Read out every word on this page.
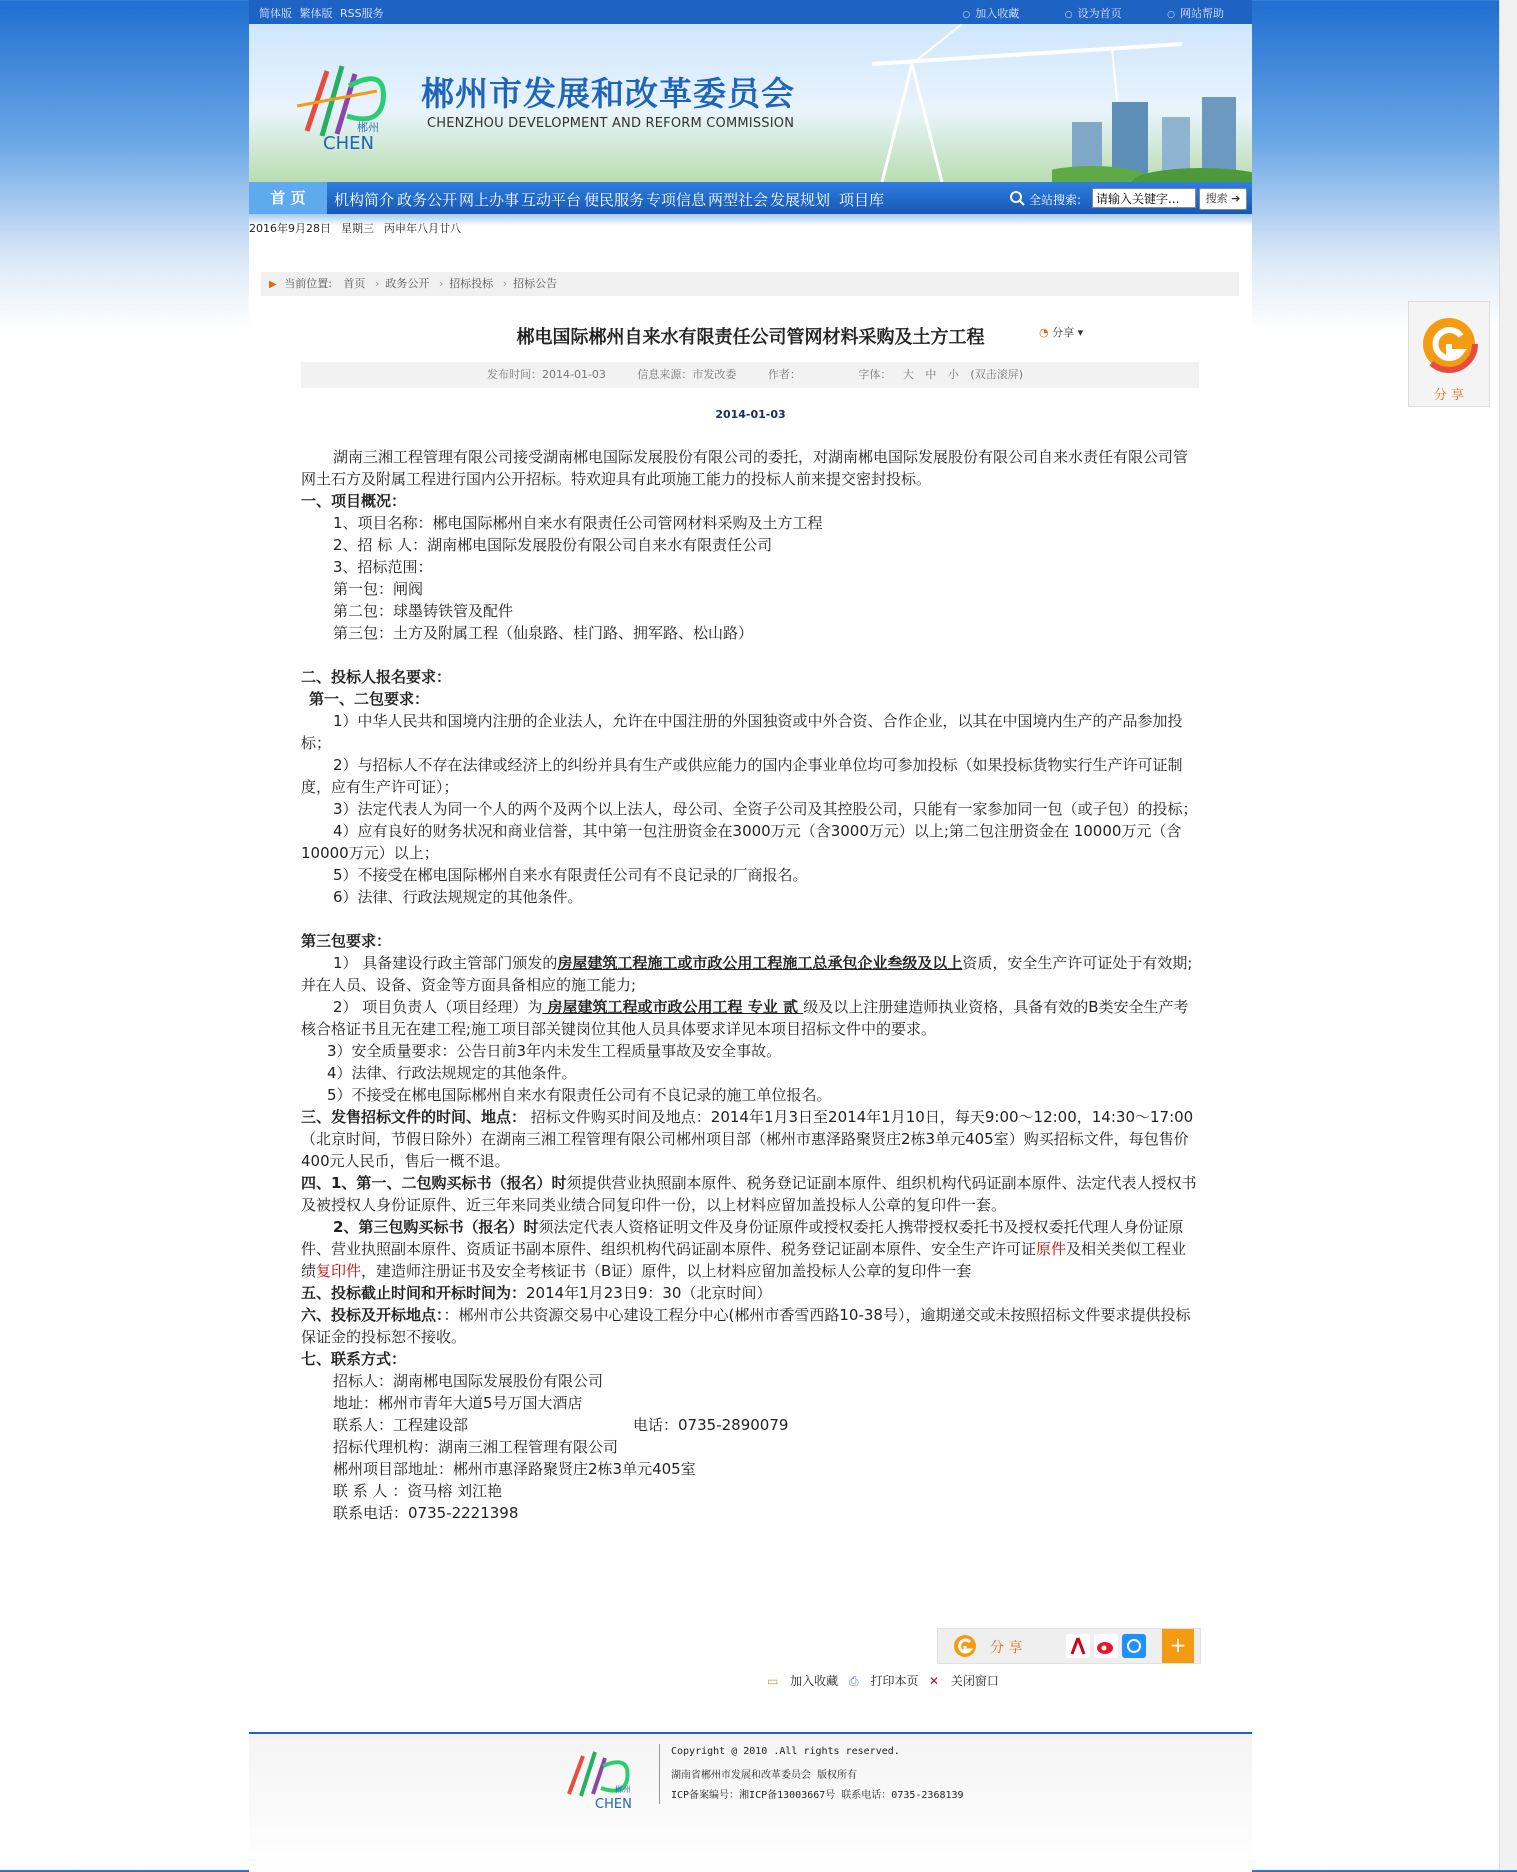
分 享
简体版 繁体版 RSS服务	○ 加入收藏	○ 设为首页	○ 网站帮助
郴州
CHEN
郴州市发展和改革委员会
CHENZHOU DEVELOPMENT AND REFORM COMMISSION
首 页	机构简介 政务公开 网上办事 互动平台 便民服务 专项信息 两型社会 发展规划 项目库	全站搜索:
请输入关键字...	搜索 ➔
2016年9月28日 星期三 丙申年八月廿八
▶ 当前位置: 首页 › 政务公开 › 招标投标 › 招标公告
郴电国际郴州自来水有限责任公司管网材料采购及土方工程	◔ 分享 ▾
发布时间：2014-01-03	信息来源：市发改委	作者：	字体： 大 中 小 (双击滚屏)
2014-01-03

湖南三湘工程管理有限公司接受湖南郴电国际发展股份有限公司的委托，对湖南郴电国际发展股份有限公司自来水责任有限公司管网土石方及附属工程进行国内公开招标。特欢迎具有此项施工能力的投标人前来提交密封投标。

一、项目概况：

1、项目名称：郴电国际郴州自来水有限责任公司管网材料采购及土方工程

2、招 标 人：湖南郴电国际发展股份有限公司自来水有限责任公司

3、招标范围：

第一包：闸阀

第二包：球墨铸铁管及配件

第三包：土方及附属工程（仙泉路、桂门路、拥军路、松山路）

二、投标人报名要求：

第一、二包要求：

1）中华人民共和国境内注册的企业法人，允许在中国注册的外国独资或中外合资、合作企业，以其在中国境内生产的产品参加投标；

2）与招标人不存在法律或经济上的纠纷并具有生产或供应能力的国内企事业单位均可参加投标（如果投标货物实行生产许可证制度，应有生产许可证）；

3）法定代表人为同一个人的两个及两个以上法人，母公司、全资子公司及其控股公司，只能有一家参加同一包（或子包）的投标；

4）应有良好的财务状况和商业信誉，其中第一包注册资金在3000万元（含3000万元）以上;第二包注册资金在 10000万元（含10000万元）以上；

5）不接受在郴电国际郴州自来水有限责任公司有不良记录的厂商报名。

6）法律、行政法规规定的其他条件。

第三包要求：

1） 具备建设行政主管部门颁发的房屋建筑工程施工或市政公用工程施工总承包企业叁级及以上资质，安全生产许可证处于有效期;并在人员、设备、资金等方面具备相应的施工能力;

2） 项目负责人（项目经理）为 房屋建筑工程或市政公用工程 专业 贰 级及以上注册建造师执业资格，具备有效的B类安全生产考核合格证书且无在建工程;施工项目部关键岗位其他人员具体要求详见本项目招标文件中的要求。

3）安全质量要求：公告日前3年内未发生工程质量事故及安全事故。

4）法律、行政法规规定的其他条件。

5）不接受在郴电国际郴州自来水有限责任公司有不良记录的施工单位报名。

三、发售招标文件的时间、地点： 招标文件购买时间及地点：2014年1月3日至2014年1月10日，每天9:00～12:00，14:30～17:00（北京时间，节假日除外）在湖南三湘工程管理有限公司郴州项目部（郴州市惠泽路聚贤庄2栋3单元405室）购买招标文件，每包售价400元人民币，售后一概不退。

四、1、第一、二包购买标书（报名）时须提供营业执照副本原件、税务登记证副本原件、组织机构代码证副本原件、法定代表人授权书及被授权人身份证原件、近三年来同类业绩合同复印件一份，以上材料应留加盖投标人公章的复印件一套。

2、第三包购买标书（报名）时须法定代表人资格证明文件及身份证原件或授权委托人携带授权委托书及授权委托代理人身份证原件、营业执照副本原件、资质证书副本原件、组织机构代码证副本原件、税务登记证副本原件、安全生产许可证原件及相关类似工程业绩复印件，建造师注册证书及安全考核证书（B证）原件，以上材料应留加盖投标人公章的复印件一套

五、投标截止时间和开标时间为：2014年1月23日9：30（北京时间）

六、投标及开标地点：：郴州市公共资源交易中心建设工程分中心(郴州市香雪西路10-38号），逾期递交或未按照招标文件要求提供投标保证金的投标恕不接收。

七、联系方式：

招标人：湖南郴电国际发展股份有限公司

地址：郴州市青年大道5号万国大酒店

联系人：工程建设部	电话：0735-2890079

招标代理机构：湖南三湘工程管理有限公司

郴州项目部地址：郴州市惠泽路聚贤庄2栋3单元405室

联 系 人 ：资马榕 刘江艳

联系电话：0735-2221398

分 享	+
▭ 加入收藏 ⎙ 打印本页 ✕ 关闭窗口
郴州
CHEN
Copyright @ 2010 .All rights reserved.
湖南省郴州市发展和改革委员会 版权所有
ICP备案编号：湘ICP备13003667号 联系电话：0735-2368139
